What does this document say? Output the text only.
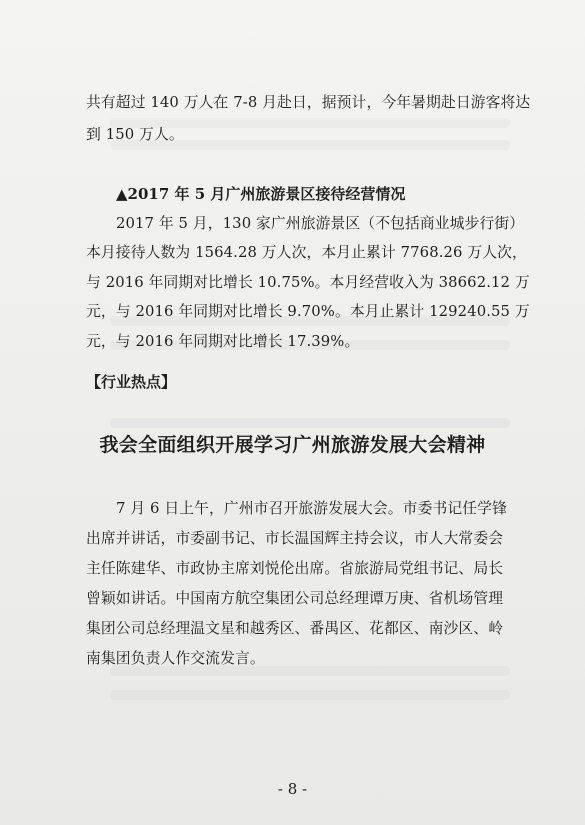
共有超过 140 万人在 7-8 月赴日，据预计，今年暑期赴日游客将达
到 150 万人。
▲2017 年 5 月广州旅游景区接待经营情况
2017 年 5 月，130 家广州旅游景区（不包括商业城步行街）
本月接待人数为 1564.28 万人次，本月止累计 7768.26 万人次，
与 2016 年同期对比增长 10.75%。本月经营收入为 38662.12 万
元，与 2016 年同期对比增长 9.70%。本月止累计 129240.55 万
元，与 2016 年同期对比增长 17.39%。
【行业热点】
我会全面组织开展学习广州旅游发展大会精神
7 月 6 日上午，广州市召开旅游发展大会。市委书记任学锋
出席并讲话，市委副书记、市长温国辉主持会议，市人大常委会
主任陈建华、市政协主席刘悦伦出席。省旅游局党组书记、局长
曾颖如讲话。中国南方航空集团公司总经理谭万庚、省机场管理
集团公司总经理温文星和越秀区、番禺区、花都区、南沙区、岭
南集团负责人作交流发言。
- 8 -
